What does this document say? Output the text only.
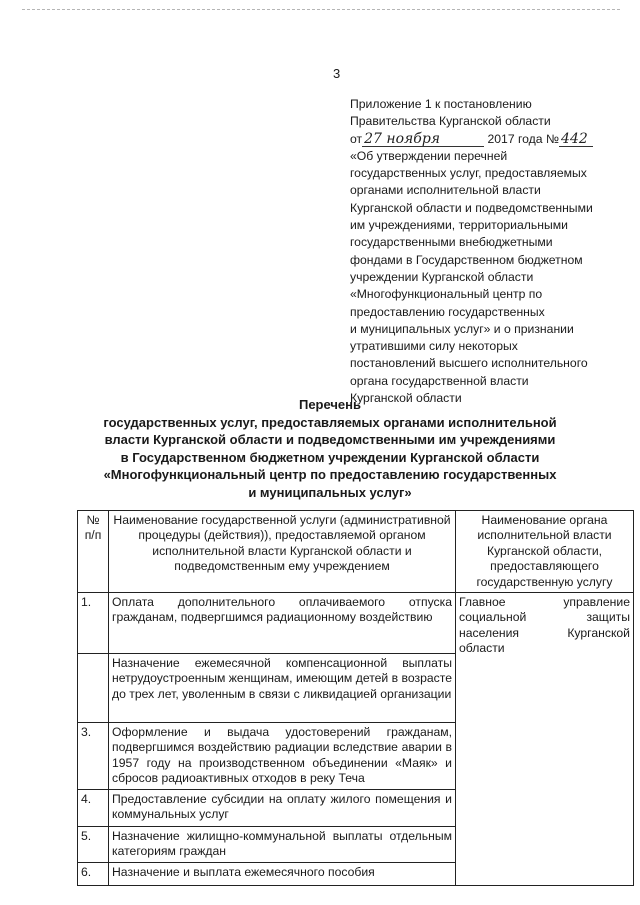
3
Приложение 1 к постановлению
Правительства Курганской области
от 27 ноября	2017 года № 442
«Об утверждении перечней
государственных услуг, предоставляемых
органами исполнительной власти
Курганской области и подведомственными
им учреждениями, территориальными
государственными внебюджетными
фондами в Государственном бюджетном
учреждении Курганской области
«Многофункциональный центр по
предоставлению государственных
и муниципальных услуг» и о признании
утратившими силу некоторых
постановлений высшего исполнительного
органа государственной власти
Курганской области
Перечень
государственных услуг, предоставляемых органами исполнительной
власти Курганской области и подведомственными им учреждениями
в Государственном бюджетном учреждении Курганской области
«Многофункциональный центр по предоставлению государственных
и муниципальных услуг»
№ п/п	Наименование государственной услуги (административной процедуры (действия)), предоставляемой органом исполнительной власти Курганской области и подведомственным ему учреждением	Наименование органа исполнительной власти Курганской области, предоставляющего государственную услугу
1.	Оплата дополнительного оплачиваемого отпуска гражданам, подвергшимся радиационному воздействию	Главное управление социальной защиты населения Курганской области
	Назначение ежемесячной компенсационной выплаты нетрудоустроенным женщинам, имеющим детей в возрасте до трех лет, уволенным в связи с ликвидацией организации	
3.	Оформление и выдача удостоверений гражданам, подвергшимся воздействию радиации вследствие аварии в 1957 году на производственном объединении «Маяк» и сбросов радиоактивных отходов в реку Теча	
4.	Предоставление субсидии на оплату жилого помещения и коммунальных услуг	
5.	Назначение жилищно-коммунальной выплаты отдельным категориям граждан	
6.	Назначение и выплата ежемесячного пособия	
